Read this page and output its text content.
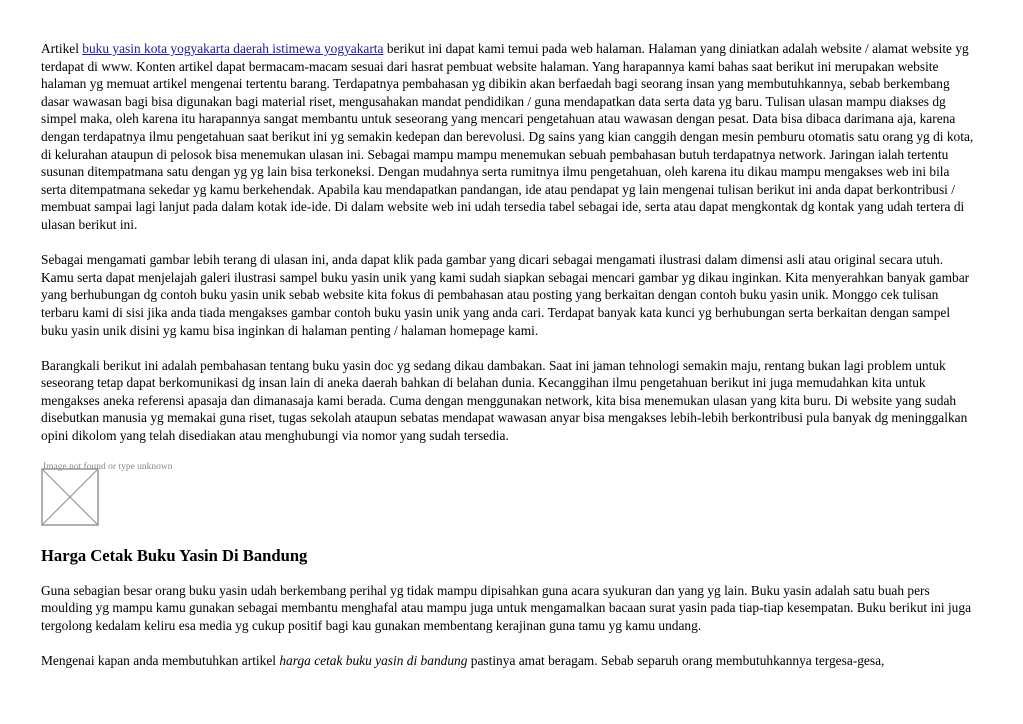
Artikel buku yasin kota yogyakarta daerah istimewa yogyakarta berikut ini dapat kami temui pada web halaman. Halaman yang diniatkan adalah website / alamat website yg terdapat di www. Konten artikel dapat bermacam-macam sesuai dari hasrat pembuat website halaman. Yang harapannya kami bahas saat berikut ini merupakan website halaman yg memuat artikel mengenai tertentu barang. Terdapatnya pembahasan yg dibikin akan berfaedah bagi seorang insan yang membutuhkannya, sebab berkembang dasar wawasan bagi bisa digunakan bagi material riset, mengusahakan mandat pendidikan / guna mendapatkan data serta data yg baru. Tulisan ulasan mampu diakses dg simpel maka, oleh karena itu harapannya sangat membantu untuk seseorang yang mencari pengetahuan atau wawasan dengan pesat. Data bisa dibaca darimana aja, karena dengan terdapatnya ilmu pengetahuan saat berikut ini yg semakin kedepan dan berevolusi. Dg sains yang kian canggih dengan mesin pemburu otomatis satu orang yg di kota, di kelurahan ataupun di pelosok bisa menemukan ulasan ini. Sebagai mampu mampu menemukan sebuah pembahasan butuh terdapatnya network. Jaringan ialah tertentu susunan ditempatmana satu dengan yg yg lain bisa terkoneksi. Dengan mudahnya serta rumitnya ilmu pengetahuan, oleh karena itu dikau mampu mengakses web ini bila serta ditempatmana sekedar yg kamu berkehendak. Apabila kau mendapatkan pandangan, ide atau pendapat yg lain mengenai tulisan berikut ini anda dapat berkontribusi / membuat sampai lagi lanjut pada dalam kotak ide-ide. Di dalam website web ini udah tersedia tabel sebagai ide, serta atau dapat mengkontak dg kontak yang udah tertera di ulasan berikut ini.

Sebagai mengamati gambar lebih terang di ulasan ini, anda dapat klik pada gambar yang dicari sebagai mengamati ilustrasi dalam dimensi asli atau original secara utuh. Kamu serta dapat menjelajah galeri ilustrasi sampel buku yasin unik yang kami sudah siapkan sebagai mencari gambar yg dikau inginkan. Kita menyerahkan banyak gambar yang berhubungan dg contoh buku yasin unik sebab website kita fokus di pembahasan atau posting yang berkaitan dengan contoh buku yasin unik. Monggo cek tulisan terbaru kami di sisi jika anda tiada mengakses gambar contoh buku yasin unik yang anda cari. Terdapat banyak kata kunci yg berhubungan serta berkaitan dengan sampel buku yasin unik disini yg kamu bisa inginkan di halaman penting / halaman homepage kami.

Barangkali berikut ini adalah pembahasan tentang buku yasin doc yg sedang dikau dambakan. Saat ini jaman tehnologi semakin maju, rentang bukan lagi problem untuk seseorang tetap dapat berkomunikasi dg insan lain di aneka daerah bahkan di belahan dunia. Kecanggihan ilmu pengetahuan berikut ini juga memudahkan kita untuk mengakses aneka referensi apasaja dan dimanasaja kami berada. Cuma dengan menggunakan network, kita bisa menemukan ulasan yang kita buru. Di website yang sudah disebutkan manusia yg memakai guna riset, tugas sekolah ataupun sebatas mendapat wawasan anyar bisa mengakses lebih-lebih berkontribusi pula banyak dg meninggalkan opini dikolom yang telah disediakan atau menghubungi via nomor yang sudah tersedia.

Image not found or type unknown
Harga Cetak Buku Yasin Di Bandung

Guna sebagian besar orang buku yasin udah berkembang perihal yg tidak mampu dipisahkan guna acara syukuran dan yang yg lain. Buku yasin adalah satu buah pers moulding yg mampu kamu gunakan sebagai membantu menghafal atau mampu juga untuk mengamalkan bacaan surat yasin pada tiap-tiap kesempatan. Buku berikut ini juga tergolong kedalam keliru esa media yg cukup positif bagi kau gunakan membentang kerajinan guna tamu yg kamu undang.

Mengenai kapan anda membutuhkan artikel harga cetak buku yasin di bandung pastinya amat beragam. Sebab separuh orang membutuhkannya tergesa-gesa,
